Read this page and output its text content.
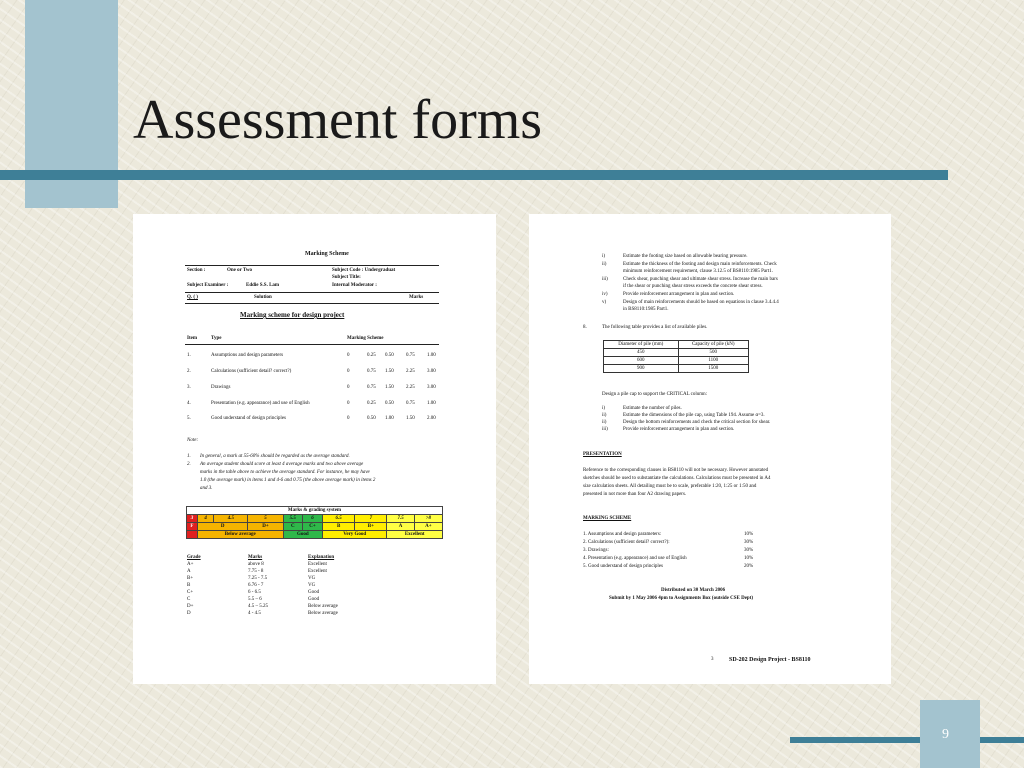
Assessment forms
Marking Scheme
Section :	One or Two	Subject Code : Undergraduat
Subject Title:
Subject Examiner :	Eddie S.S. Lam	Internal Moderator :
Q. ( )	Solution	Marks
Marking scheme for design project
Item	Type	Marking Scheme
1.	Assumptions and design parameters	0	0.25 0.50 0.75 1.00
2.	Calculations (sufficient detail? correct?)	0	0.75 1.50 2.25 3.00
3.	Drawings	0	0.75 1.50 2.25 3.00
4.	Presentation (e.g. appearance) and use of English	0	0.25 0.50 0.75 1.00
5.	Good understand of design principles	0	0.50 1.00 1.50 2.00
Note:
1. In general, a mark at 55-60% should be regarded as the average standard.
2. An average student should score at least 4 average marks and two above average
marks in the table above to achieve the average standard. For instance, he may have
1.0 (the average mark) in items 1 and 4-6 and 0.75 (the above average mark) in items 2
and 3.
Marks & grading system									
3	4	4.5	5	5.5	6	6.5	7	7.5	>8
F	D		D+	C	C+	B	B+	A	A+
	Below average			Good		Very Good		Excellent	
Grade	Marks	Explanation
A+	above 8	Excellent
A	7.75 - 8	Excellent
B+	7.25 - 7.5	VG
B	6.76 - 7	VG
C+	6 - 6.5	Good
C	5.5 – 6	Good
D+	4.5 – 5.25	Below average
D	4 - 4.5	Below average
i)	Estimate the footing size based on allowable bearing pressure.
ii)	Estimate the thickness of the footing and design main reinforcements. Check
minimum reinforcement requirement, clause 3.12.5 of BS8110:1985 Part1.
iii)	Check shear, punching shear and ultimate shear stress. Increase the main bars
if the shear or punching shear stress exceeds the concrete shear stress.
iv)	Provide reinforcement arrangement in plan and section.
v)	Design of main reinforcements should be based on equations in clause 3.4.4.4
in BS8110:1985 Part1.
8.	The following table provides a list of available piles.
Diameter of pile (mm)	Capacity of pile (kN)
450	500
600	1100
900	1500
Design a pile cap to support the CRITICAL column:
i)	Estimate the number of piles.
ii)	Estimate the dimensions of the pile cap, using Table 194. Assume α=3.
ii)	Design the bottom reinforcements and check the critical section for shear.
iii)	Provide reinforcement arrangement in plan and section.
PRESENTATION
Reference to the corresponding clauses in BS8110 will not be necessary. However annotated
sketches should be used to substantiate the calculations. Calculations must be presented in A4
size calculation sheets. All detailing must be to scale, preferable 1:20, 1:25 or 1:50 and
presented in not more than four A2 drawing papers.
MARKING SCHEME
1. Assumptions and design parameters:	10%
2. Calculations (sufficient detail? correct?):	30%
3. Drawings:	30%
4. Presentation (e.g. appearance) and use of English	10%
5. Good understand of design principles	20%
Distributed on 30 March 2006
Submit by 1 May 2006 4pm to Assignments Box (outside CSE Dept)
3	SD-202 Design Project - BS8110
9
